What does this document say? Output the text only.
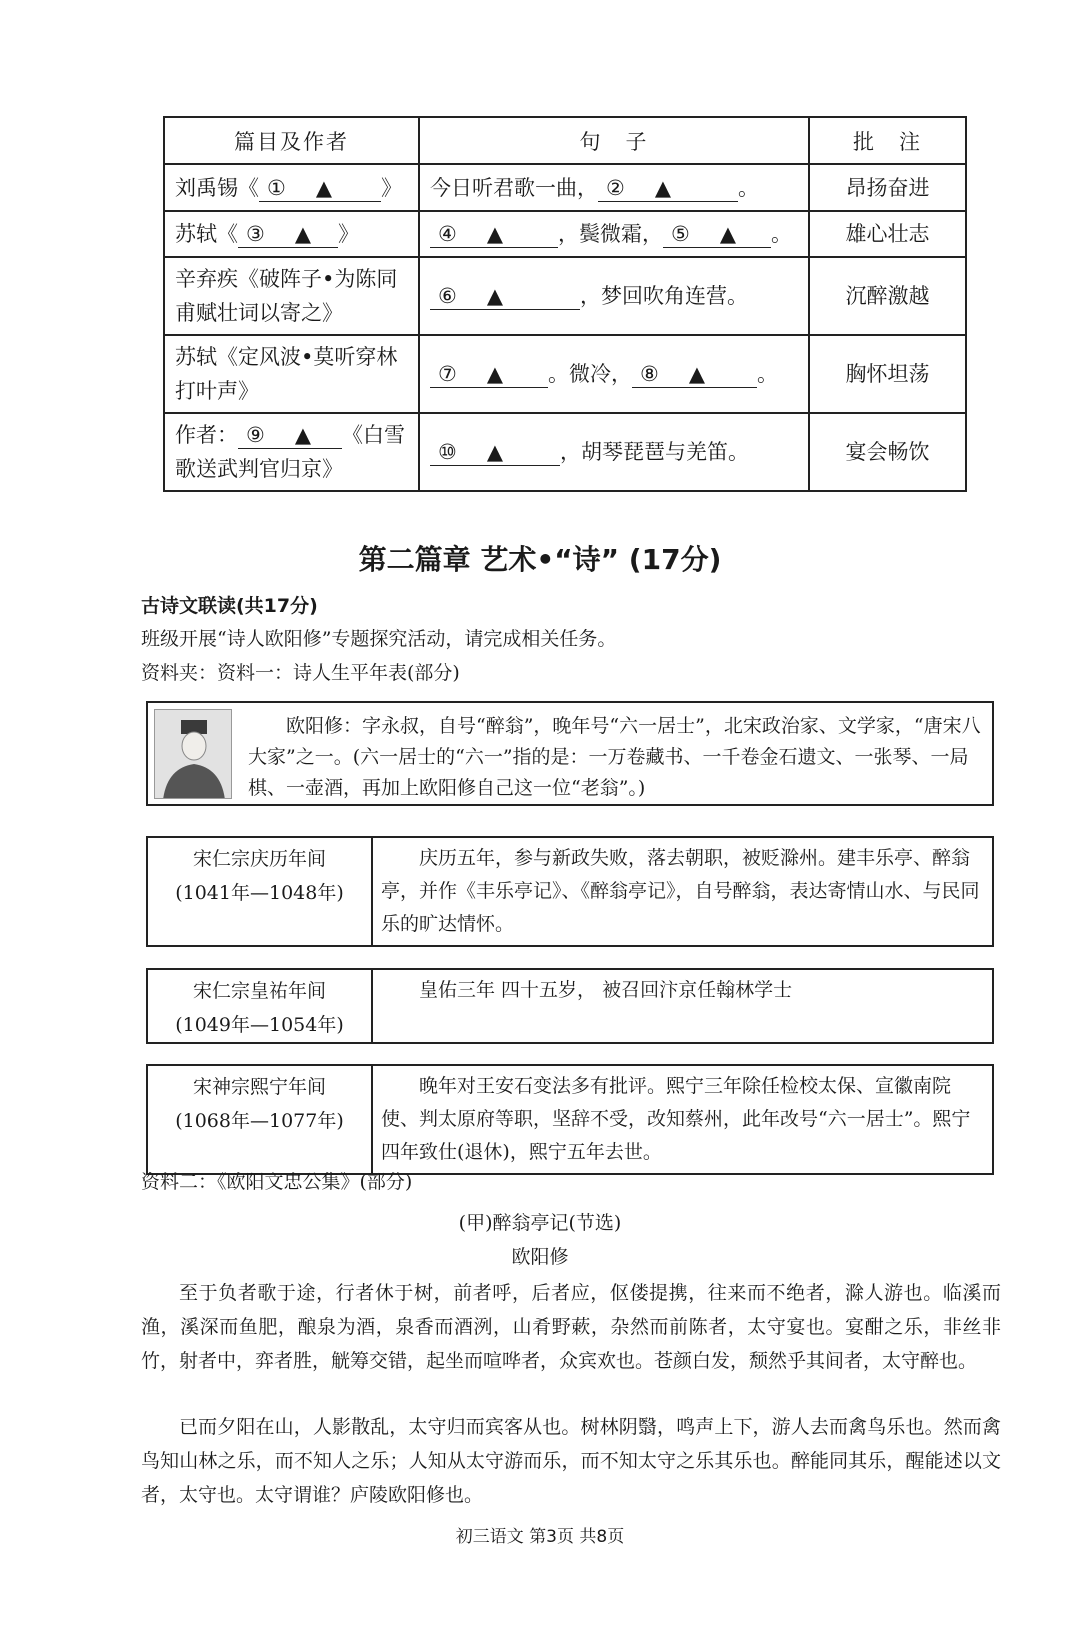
篇目及作者	句　子	批　注
刘禹锡《 ① ▲ 》	今日听君歌一曲， ② ▲ 。	昂扬奋进
苏轼《 ③ ▲ 》	④ ▲ ，鬓微霜， ⑤ ▲ 。	雄心壮志
辛弃疾《破阵子•为陈同甫赋壮词以寄之》	⑥ ▲ ，梦回吹角连营。	沉醉激越
苏轼《定风波•莫听穿林打叶声》	⑦ ▲ 。微冷， ⑧ ▲ 。	胸怀坦荡
作者： ⑨ ▲ 《白雪歌送武判官归京》	⑩ ▲ ，胡琴琵琶与羌笛。	宴会畅饮
第二篇章 艺术•“诗” (17分)
古诗文联读(共17分)
班级开展“诗人欧阳修”专题探究活动，请完成相关任务。
资料夹：资料一：诗人生平年表(部分)
欧阳修：字永叔，自号“醉翁”，晚年号“六一居士”，北宋政治家、文学家，“唐宋八大家”之一。(六一居士的“六一”指的是：一万卷藏书、一千卷金石遗文、一张琴、一局棋、一壶酒，再加上欧阳修自己这一位“老翁”。)
宋仁宗庆历年间
(1041年—1048年)
	庆历五年，参与新政失败，落去朝职，被贬滁州。建丰乐亭、醉翁亭，并作《丰乐亭记》、《醉翁亭记》，自号醉翁，表达寄情山水、与民同乐的旷达情怀。
宋仁宗皇祐年间
(1049年—1054年)
	皇佑三年 四十五岁， 被召回汴京任翰林学士
宋神宗熙宁年间
(1068年—1077年)
	晚年对王安石变法多有批评。熙宁三年除任检校太保、宣徽南院使、判太原府等职，坚辞不受，改知蔡州，此年改号“六一居士”。熙宁四年致仕(退休)，熙宁五年去世。
资料二：《欧阳文忠公集》(部分)
(甲)醉翁亭记(节选)
欧阳修
至于负者歌于途，行者休于树，前者呼，后者应，伛偻提携，往来而不绝者，滁人游也。临溪而渔，溪深而鱼肥，酿泉为酒，泉香而酒洌，山肴野蔌，杂然而前陈者，太守宴也。宴酣之乐，非丝非竹，射者中，弈者胜，觥筹交错，起坐而喧哗者，众宾欢也。苍颜白发，颓然乎其间者，太守醉也。
已而夕阳在山，人影散乱，太守归而宾客从也。树林阴翳，鸣声上下，游人去而禽鸟乐也。然而禽鸟知山林之乐，而不知人之乐；人知从太守游而乐，而不知太守之乐其乐也。醉能同其乐，醒能述以文者，太守也。太守谓谁？庐陵欧阳修也。
初三语文 第3页 共8页
